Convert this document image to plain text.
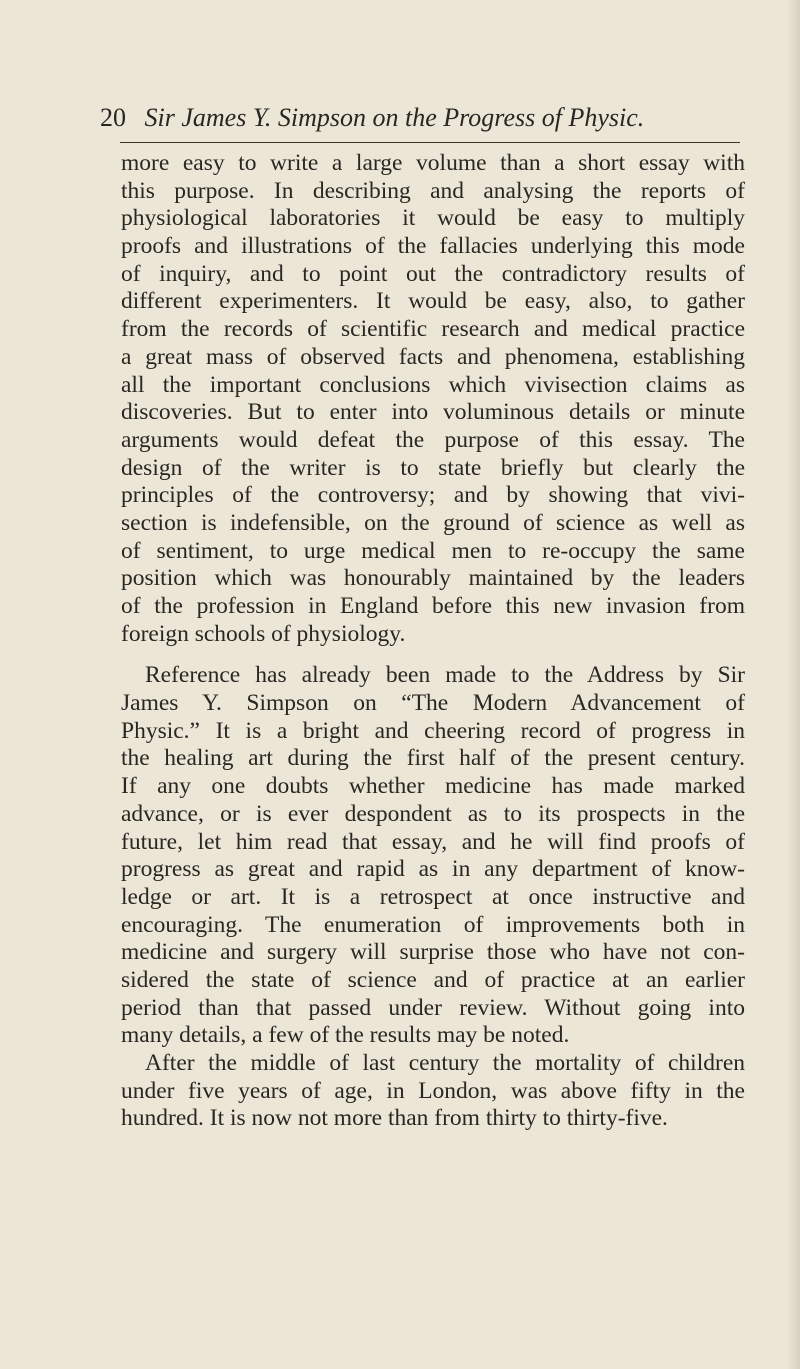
20 Sir James Y. Simpson on the Progress of Physic.
more easy to write a large volume than a short essay with
this purpose. In describing and analysing the reports of
physiological laboratories it would be easy to multiply
proofs and illustrations of the fallacies underlying this mode
of inquiry, and to point out the contradictory results of
different experimenters. It would be easy, also, to gather
from the records of scientific research and medical practice
a great mass of observed facts and phenomena, establishing
all the important conclusions which vivisection claims as
discoveries. But to enter into voluminous details or minute
arguments would defeat the purpose of this essay. The
design of the writer is to state briefly but clearly the
principles of the controversy; and by showing that vivi-
section is indefensible, on the ground of science as well as
of sentiment, to urge medical men to re-occupy the same
position which was honourably maintained by the leaders
of the profession in England before this new invasion from
foreign schools of physiology.
Reference has already been made to the Address by Sir
James Y. Simpson on “The Modern Advancement of
Physic.” It is a bright and cheering record of progress in
the healing art during the first half of the present century.
If any one doubts whether medicine has made marked
advance, or is ever despondent as to its prospects in the
future, let him read that essay, and he will find proofs of
progress as great and rapid as in any department of know-
ledge or art. It is a retrospect at once instructive and
encouraging. The enumeration of improvements both in
medicine and surgery will surprise those who have not con-
sidered the state of science and of practice at an earlier
period than that passed under review. Without going into
many details, a few of the results may be noted.
After the middle of last century the mortality of children
under five years of age, in London, was above fifty in the
hundred. It is now not more than from thirty to thirty-five.
